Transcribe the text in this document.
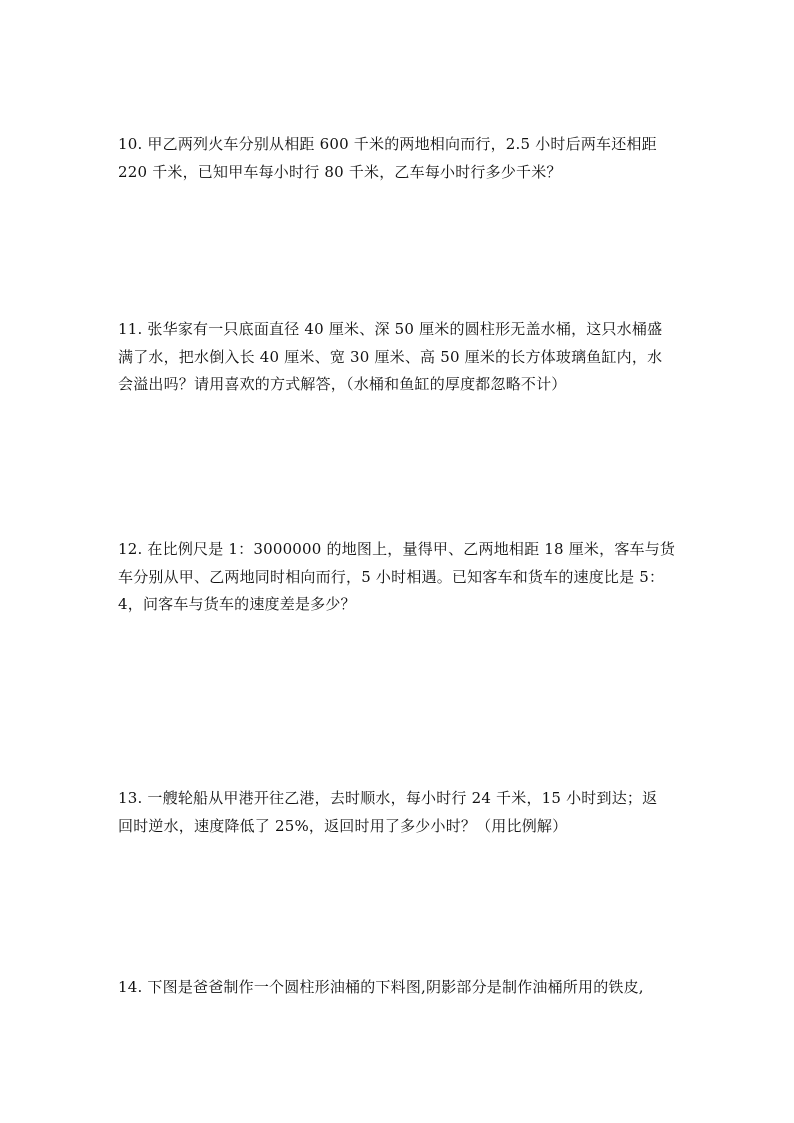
10. 甲乙两列火车分别从相距 600 千米的两地相向而行，2.5 小时后两车还相距
220 千米，已知甲车每小时行 80 千米，乙车每小时行多少千米？
11. 张华家有一只底面直径 40 厘米、深 50 厘米的圆柱形无盖水桶，这只水桶盛
满了水，把水倒入长 40 厘米、宽 30 厘米、高 50 厘米的长方体玻璃鱼缸内，水
会溢出吗？请用喜欢的方式解答，（水桶和鱼缸的厚度都忽略不计）
12. 在比例尺是 1：3000000 的地图上，量得甲、乙两地相距 18 厘米，客车与货
车分别从甲、乙两地同时相向而行，5 小时相遇。已知客车和货车的速度比是 5：
4，问客车与货车的速度差是多少？
13. 一艘轮船从甲港开往乙港，去时顺水，每小时行 24 千米，15 小时到达；返
回时逆水，速度降低了 25%，返回时用了多少小时？（用比例解）
14. 下图是爸爸制作一个圆柱形油桶的下料图,阴影部分是制作油桶所用的铁皮,
